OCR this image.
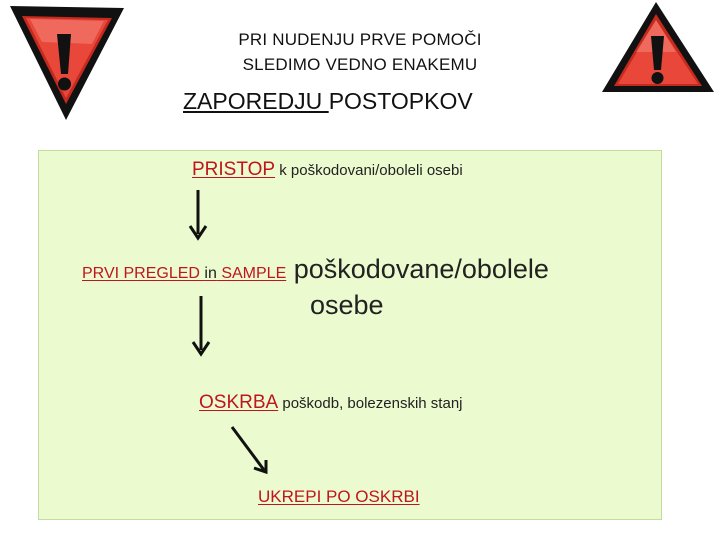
PRI NUDENJU PRVE POMOČI
SLEDIMO VEDNO ENAKEMU
ZAPOREDJU POSTOPKOV
PRISTOP k poškodovani/oboleli osebi
PRVI PREGLED in SAMPLE poškodovane/obolele
osebe
OSKRBA poškodb, bolezenskih stanj
UKREPI PO OSKRBI
